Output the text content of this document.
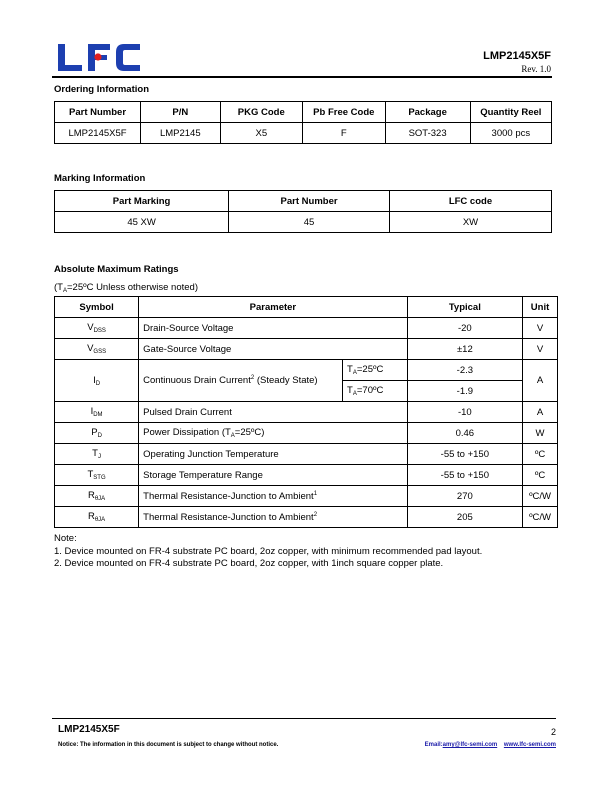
LMP2145X5F
Rev. 1.0
Ordering Information
Part Number	P/N	PKG Code	Pb Free Code	Package	Quantity Reel
LMP2145X5F	LMP2145	X5	F	SOT-323	3000 pcs
Marking Information
Part Marking	Part Number	LFC code
45 XW	45	XW
Absolute Maximum Ratings
($T_A=25ºC$ Unless otherwise noted)
Symbol	Parameter		Typical	Unit
$V_{DSS}$	Drain-Source Voltage		-20	V
$V_{GSS}$	Gate-Source Voltage		±12	V
$I_D$	Continuous Drain Current$^2$ (Steady State)	$T_A=25ºC$	-2.3	A
		$T_A=70ºC$	-1.9	
$I_{DM}$	Pulsed Drain Current		-10	A
$P_D$	Power Dissipation $(T_A=25ºC)$		0.46	W
$T_J$	Operating Junction Temperature		-55 to +150	ºC
$T_{STG}$	Storage Temperature Range		-55 to +150	ºC
$R_{\theta JA}$	Thermal Resistance-Junction to Ambient$^1$		270	ºC/W
$R_{\theta JA}$	Thermal Resistance-Junction to Ambient$^2$		205	ºC/W
Note:
1. Device mounted on FR-4 substrate PC board, 2oz copper, with minimum recommended pad layout.
2. Device mounted on FR-4 substrate PC board, 2oz copper, with 1inch square copper plate.
LMP2145X5F	2
Notice: The information in this document is subject to change without notice.	Email:amy@lfc-semi.com www.lfc-semi.com
